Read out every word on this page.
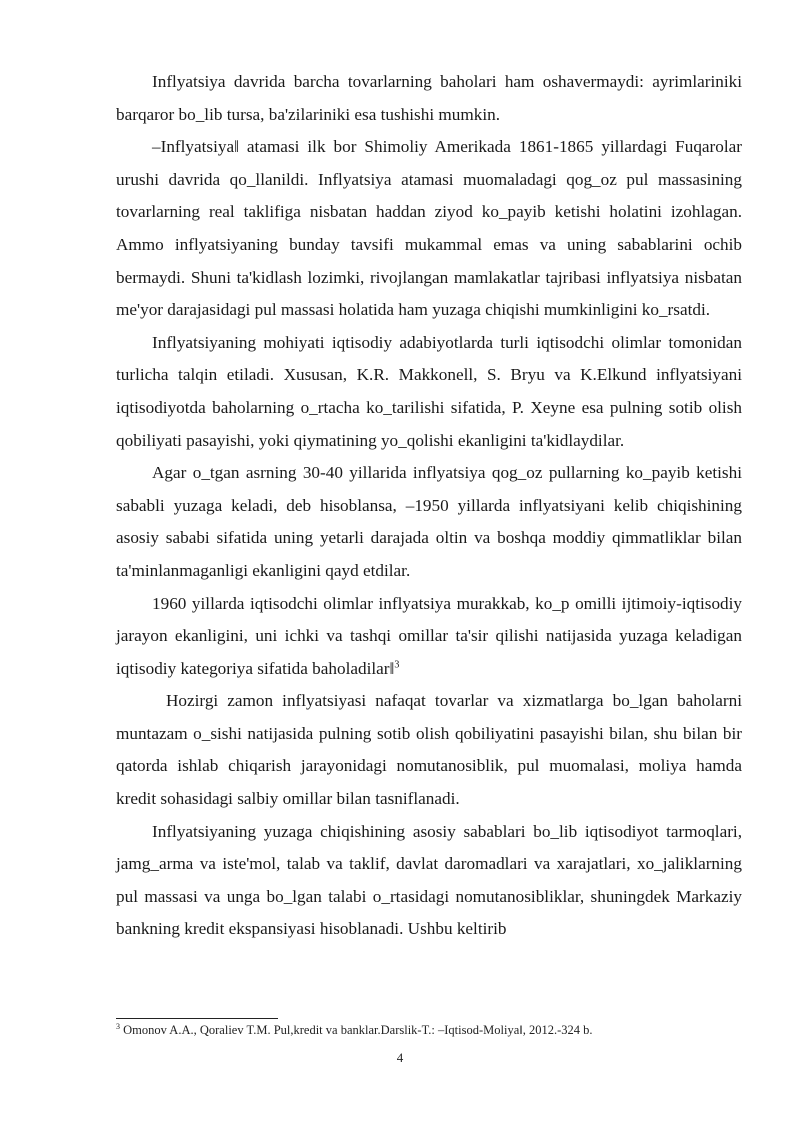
Inflyatsiya davrida barcha tovarlarning baholari ham oshavermaydi: ayrimlariniki barqaror bo_lib tursa, ba'zilariniki esa tushishi mumkin.

–Inflyatsiya‖ atamasi ilk bor Shimoliy Amerikada 1861-1865 yillardagi Fuqarolar urushi davrida qo_llanildi. Inflyatsiya atamasi muomaladagi qog_oz pul massasining tovarlarning real taklifiga nisbatan haddan ziyod ko_payib ketishi holatini izohlagan. Ammo inflyatsiyaning bunday tavsifi mukammal emas va uning sabablarini ochib bermaydi. Shuni ta'kidlash lozimki, rivojlangan mamlakatlar tajribasi inflyatsiya nisbatan me'yor darajasidagi pul massasi holatida ham yuzaga chiqishi mumkinligini ko_rsatdi.

Inflyatsiyaning mohiyati iqtisodiy adabiyotlarda turli iqtisodchi olimlar tomonidan turlicha talqin etiladi. Xususan, K.R. Makkonell, S. Bryu va K.Elkund inflyatsiyani iqtisodiyotda baholarning o_rtacha ko_tarilishi sifatida, P. Xeyne esa pulning sotib olish qobiliyati pasayishi, yoki qiymatining yo_qolishi ekanligini ta'kidlaydilar.

Agar o_tgan asrning 30-40 yillarida inflyatsiya qog_oz pullarning ko_payib ketishi sababli yuzaga keladi, deb hisoblansa, –1950 yillarda inflyatsiyani kelib chiqishining asosiy sababi sifatida uning yetarli darajada oltin va boshqa moddiy qimmatliklar bilan ta'minlanmaganligi ekanligini qayd etdilar.

1960 yillarda iqtisodchi olimlar inflyatsiya murakkab, ko_p omilli ijtimoiy-iqtisodiy jarayon ekanligini, uni ichki va tashqi omillar ta'sir qilishi natijasida yuzaga keladigan iqtisodiy kategoriya sifatida baholadilar‖$^3$

Hozirgi zamon inflyatsiyasi nafaqat tovarlar va xizmatlarga bo_lgan baholarni muntazam o_sishi natijasida pulning sotib olish qobiliyatini pasayishi bilan, shu bilan bir qatorda ishlab chiqarish jarayonidagi nomutanosiblik, pul muomalasi, moliya hamda kredit sohasidagi salbiy omillar bilan tasniflanadi.

Inflyatsiyaning yuzaga chiqishining asosiy sabablari bo_lib iqtisodiyot tarmoqlari, jamg_arma va iste'mol, talab va taklif, davlat daromadlari va xarajatlari, xo_jaliklarning pul massasi va unga bo_lgan talabi o_rtasidagi nomutanosibliklar, shuningdek Markaziy bankning kredit ekspansiyasi hisoblanadi. Ushbu keltirib

$^3$ Omonov A.A., Qoraliev T.M. Pul,kredit va banklar.Darslik-T.: –Iqtisod-Moliya‖, 2012.-324 b.
4
